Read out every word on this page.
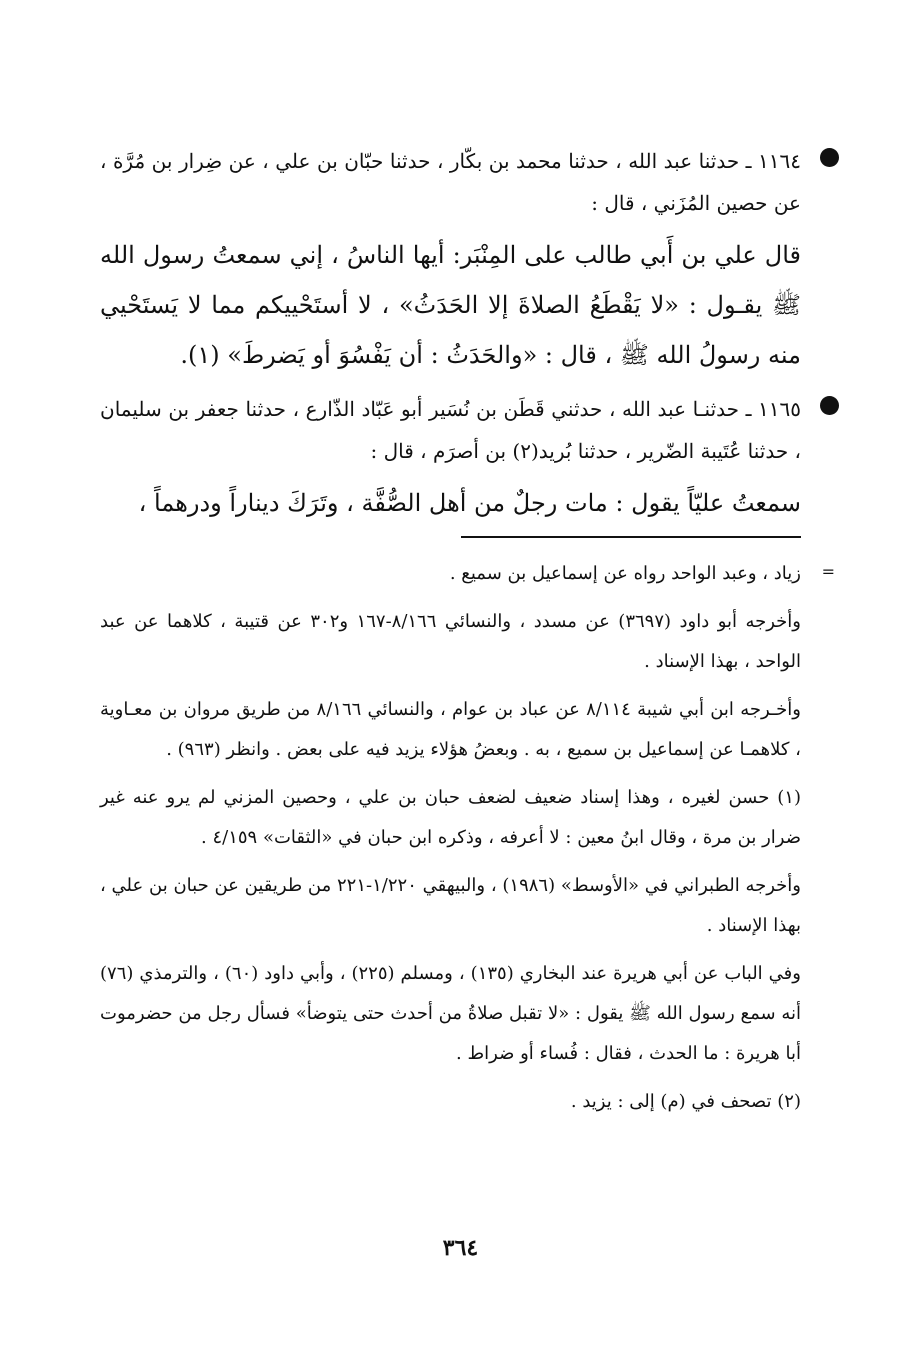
١١٦٤ ـ حدثنا عبد الله ، حدثنا محمد بن بكّار ، حدثنا حبّان بن علي ، عن ضِرار بن مُرَّة ، عن حصين المُزَني ، قال :

قال علي بن أَبي طالب على المِنْبَر: أيها الناسُ ، إني سمعتُ رسول الله ﷺ يقـول : «لا يَقْطَعُ الصلاةَ إلا الحَدَثُ» ، لا أستَحْييكم مما لا يَستَحْيي منه رسولُ الله ﷺ ، قال : «والحَدَثُ : أن يَفْسُوَ أو يَضرطَ» (١).

١١٦٥ ـ حدثنـا عبد الله ، حدثني قَطَن بن نُسَير أبو عَبّاد الذّارع ، حدثنا جعفر بن سليمان ، حدثنا عُتَيبة الضّرير ، حدثنا بُريد(٢) بن أصرَم ، قال :

سمعتُ عليّاً يقول : مات رجلٌ من أهل الصُّفَّة ، وتَرَكَ ديناراً ودرهماً ،

=

زياد ، وعبد الواحد رواه عن إسماعيل بن سميع .

وأخرجه أبو داود (٣٦٩٧) عن مسدد ، والنسائي ٨/١٦٦-١٦٧ و٣٠٢ عن قتيبة ، كلاهما عن عبد الواحد ، بهذا الإسناد .

وأخـرجه ابن أبي شيبة ٨/١١٤ عن عباد بن عوام ، والنسائي ٨/١٦٦ من طريق مروان بن معـاوية ، كلاهمـا عن إسماعيل بن سميع ، به . وبعضُ هؤلاء يزيد فيه على بعض . وانظر (٩٦٣) .

(١) حسن لغيره ، وهذا إسناد ضعيف لضعف حبان بن علي ، وحصين المزني لم يرو عنه غير ضرار بن مرة ، وقال ابنُ معين : لا أعرفه ، وذكره ابن حبان في «الثقات» ٤/١٥٩ .

وأخرجه الطبراني في «الأوسط» (١٩٨٦) ، والبيهقي ١/٢٢٠-٢٢١ من طريقين عن حبان بن علي ، بهذا الإسناد .

وفي الباب عن أبي هريرة عند البخاري (١٣٥) ، ومسلم (٢٢٥) ، وأبي داود (٦٠) ، والترمذي (٧٦) أنه سمع رسول الله ﷺ يقول : «لا تقبل صلاةُ من أحدث حتى يتوضأ» فسأل رجل من حضرموت أبا هريرة : ما الحدث ، فقال : فُساء أو ضراط .

(٢) تصحف في (م) إلى : يزيد .

٣٦٤
